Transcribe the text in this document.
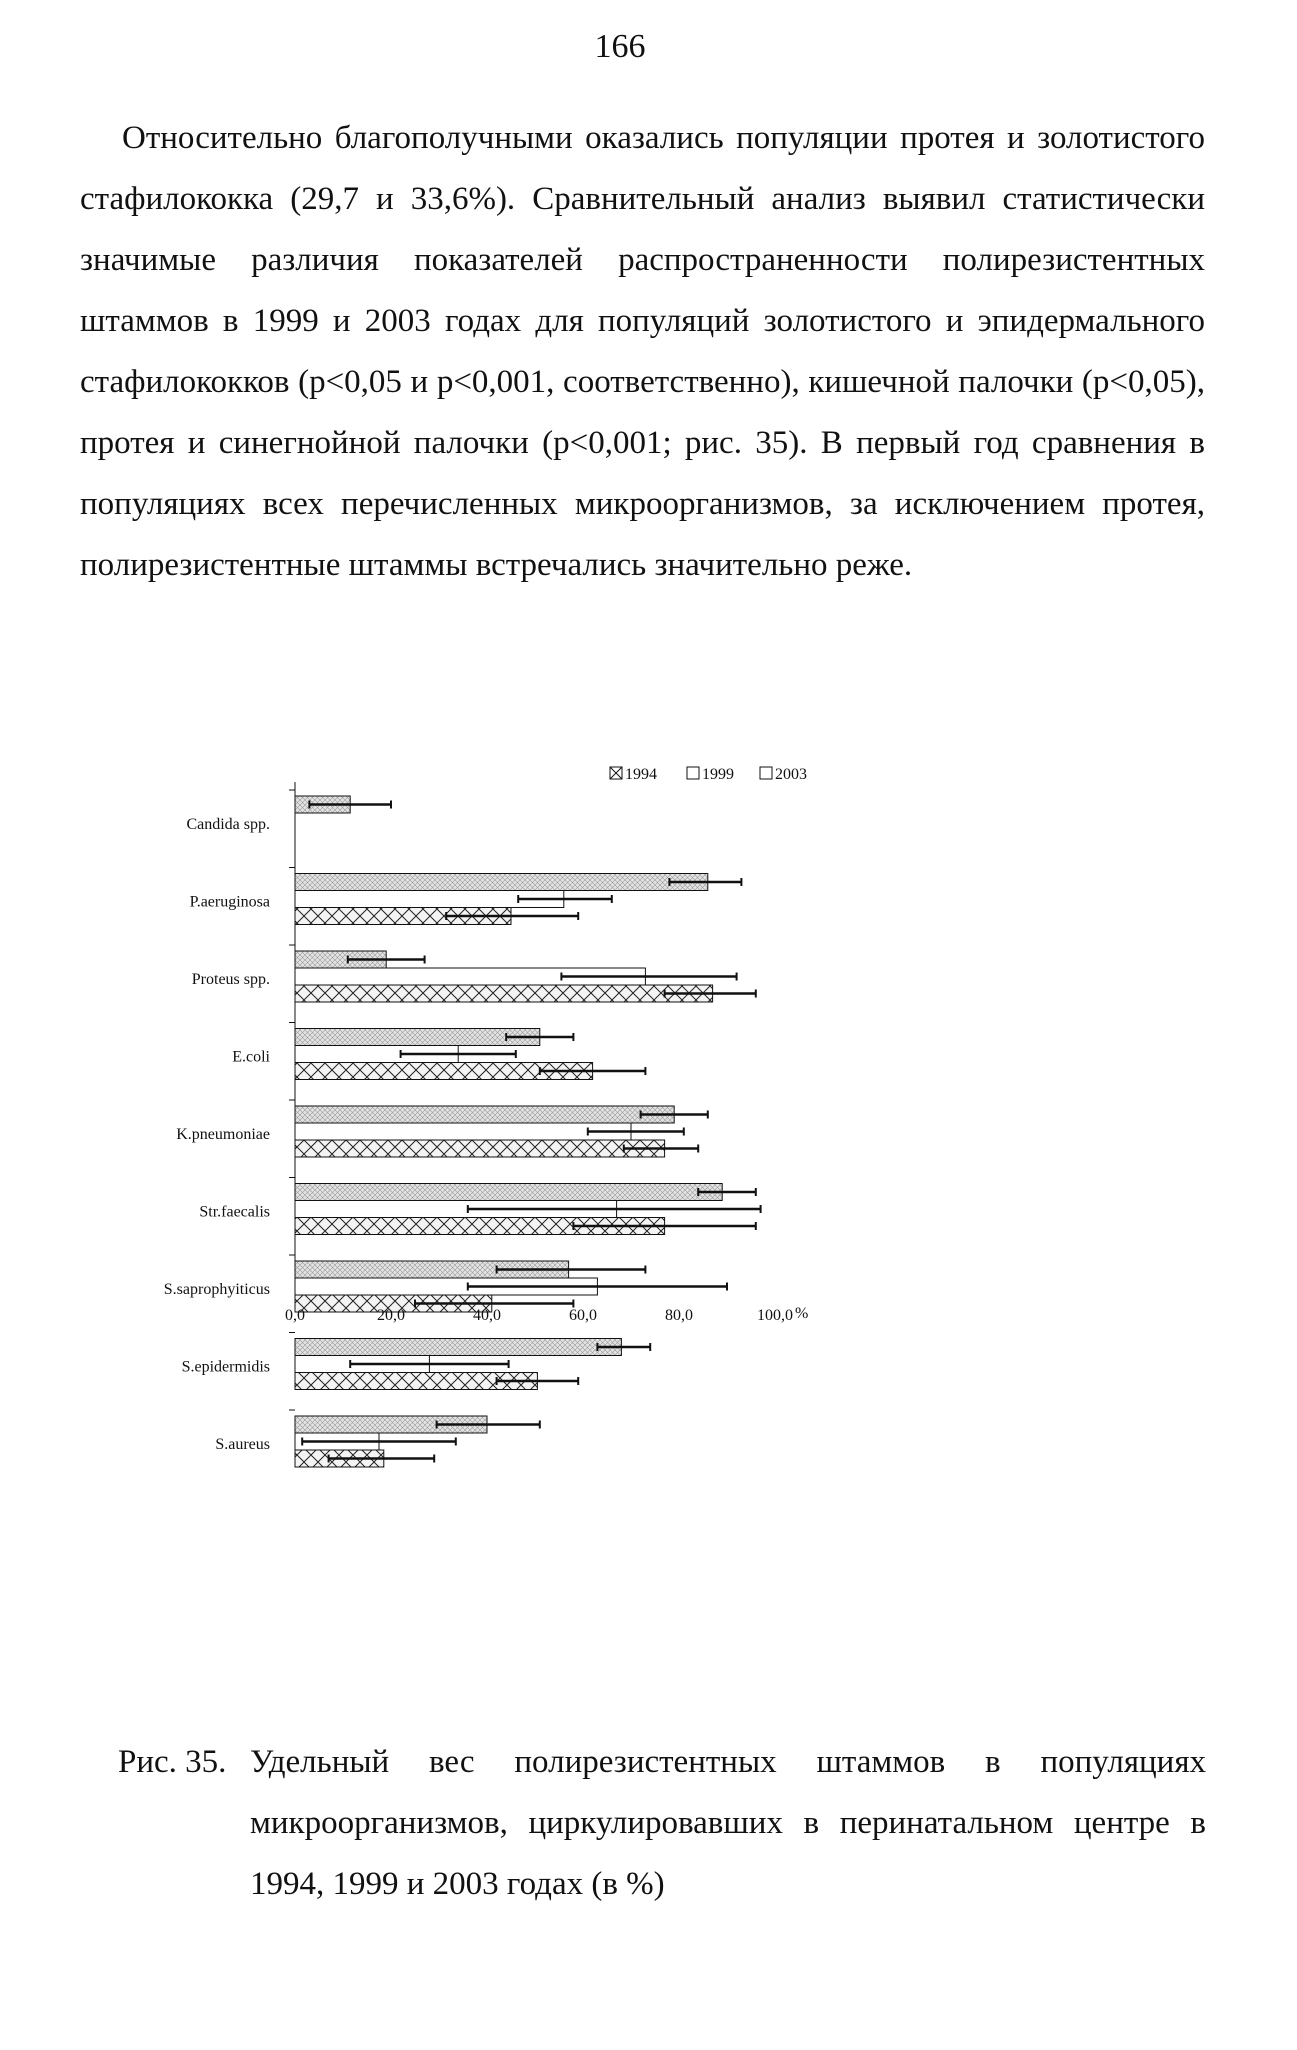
166

Относительно благополучными оказались популяции протея и золотистого стафилококка (29,7 и 33,6%). Сравнительный анализ выявил статистически значимые различия показателей распространенности полирезистентных штаммов в 1999 и 2003 годах для популяций золотистого и эпидермального стафилококков (p<0,05 и p<0,001, соответственно), кишечной палочки (p<0,05), протея и синегнойной палочки (p<0,001; рис. 35). В первый год сравнения в популяциях всех перечисленных микроорганизмов, за исключением протея, полирезистентные штаммы встречались значительно реже.

Candida spp.
P.aeruginosa
Proteus spp.
E.coli
K.pneumoniae
Str.faecalis
S.saprophyiticus
S.epidermidis
S.aureus
0,0	20,0	40,0	60,0	80,0	100,0 %
1994	1999	2003
Рис. 35. Удельный вес полирезистентных штаммов в популяциях микроорганизмов, циркулировавших в перинатальном центре в 1994, 1999 и 2003 годах (в %)
